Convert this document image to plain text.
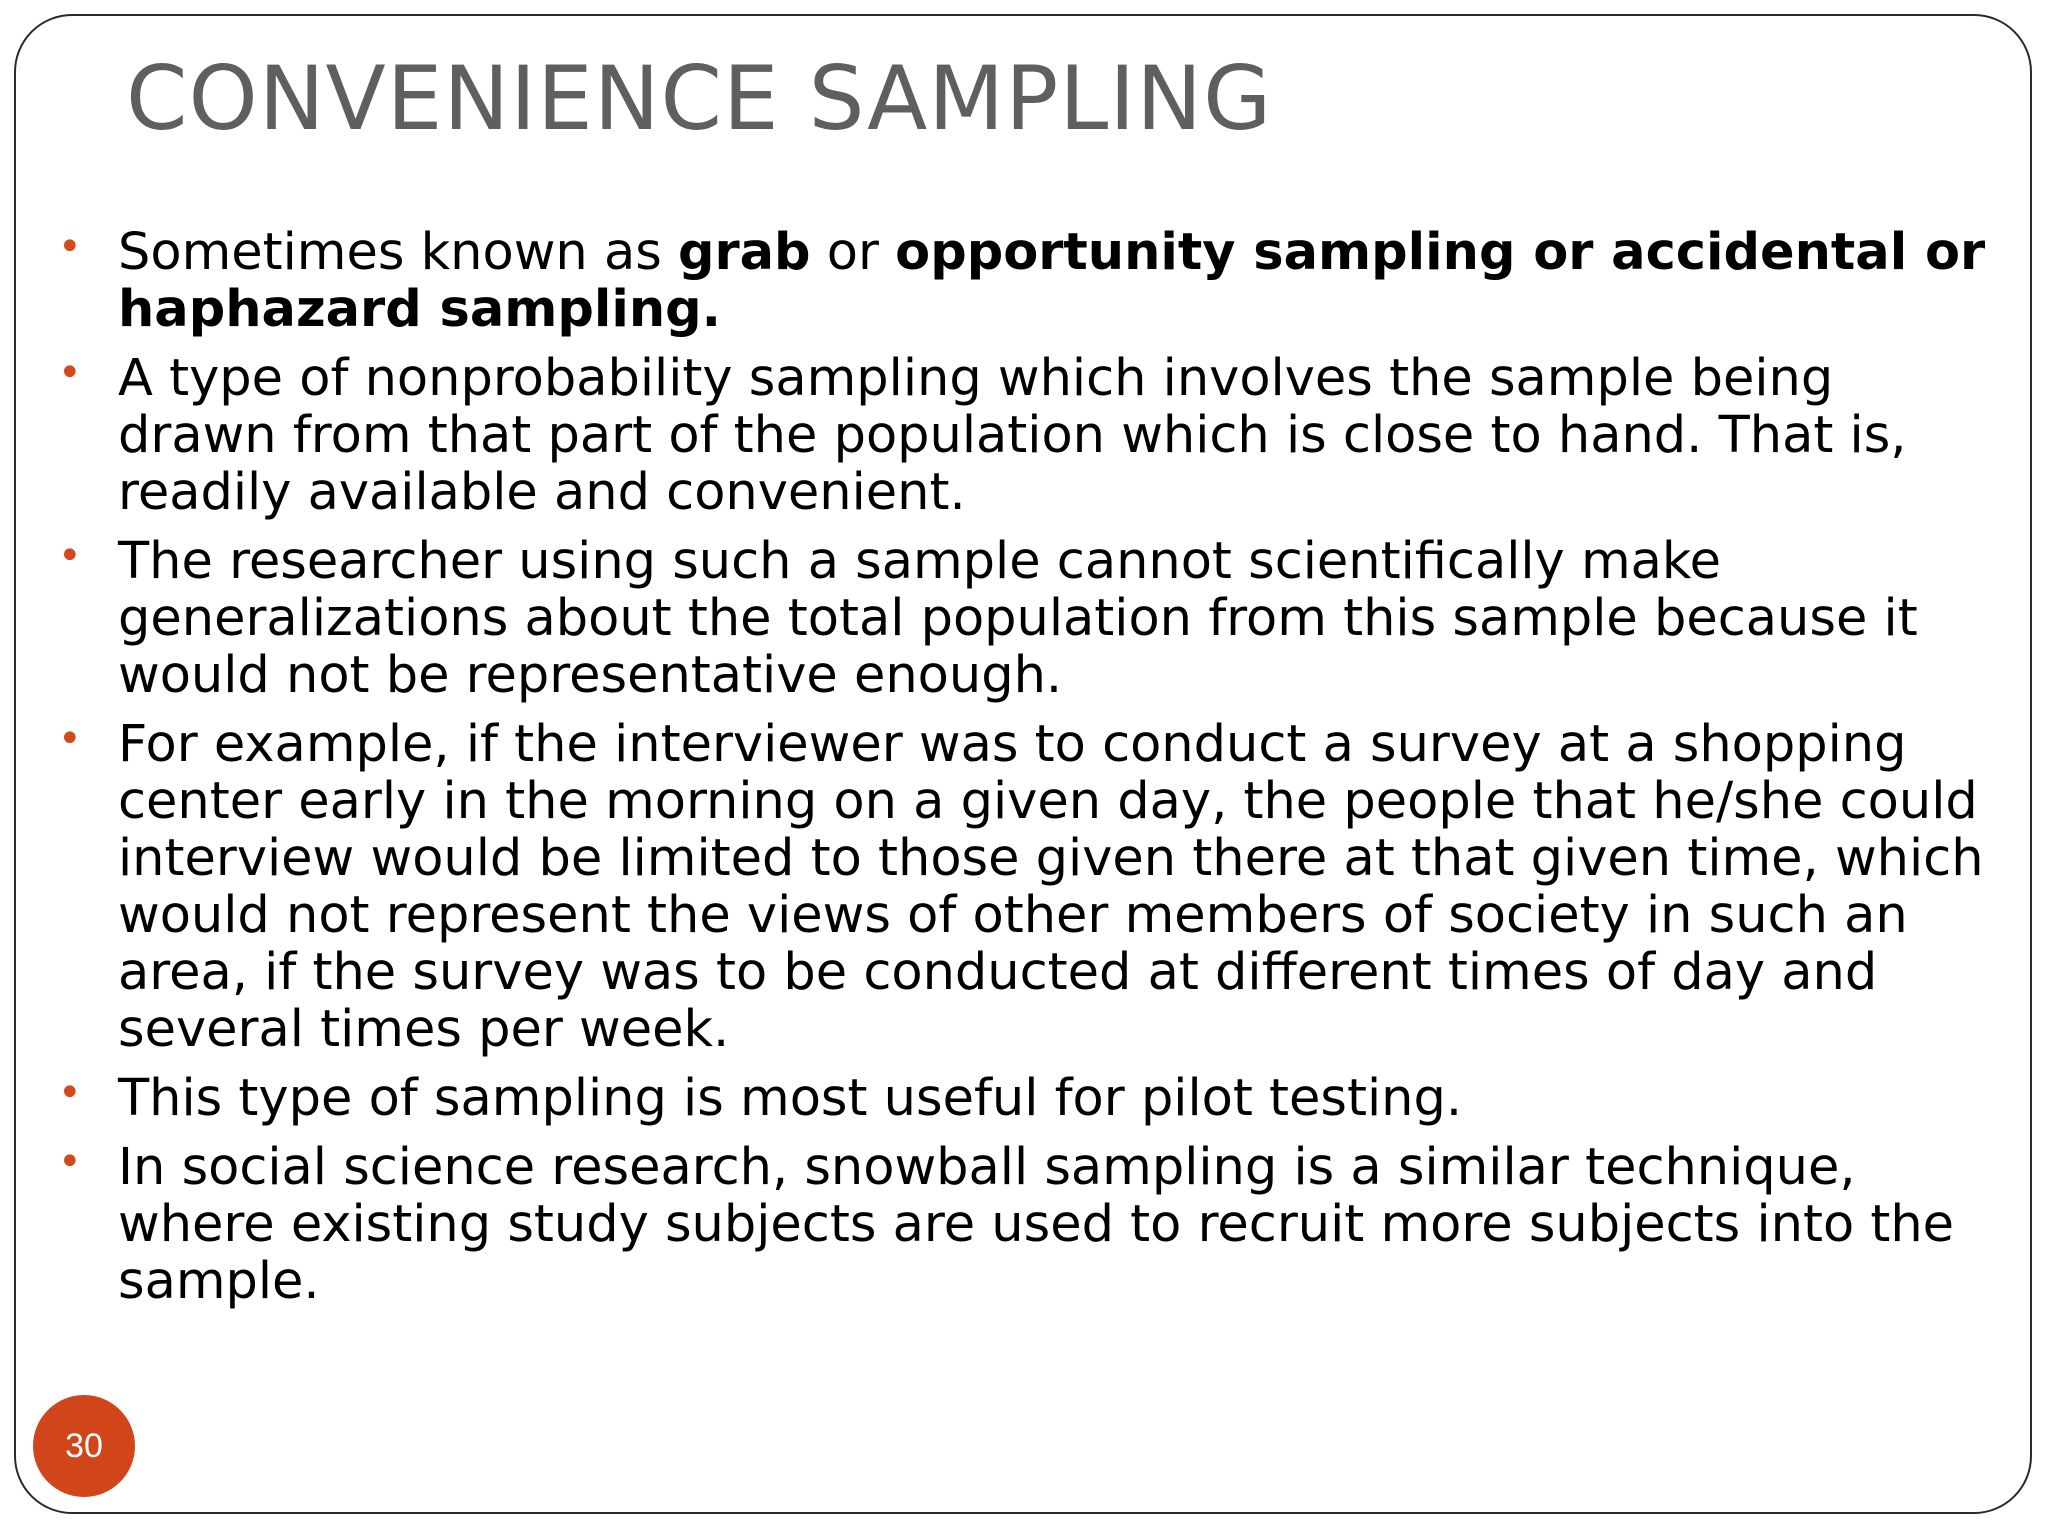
CONVENIENCE SAMPLING
• Sometimes known as grab or opportunity sampling or accidental or haphazard sampling.
• A type of nonprobability sampling which involves the sample being drawn from that part of the population which is close to hand. That is, readily available and convenient.
• The researcher using such a sample cannot scientifically make generalizations about the total population from this sample because it would not be representative enough.
• For example, if the interviewer was to conduct a survey at a shopping center early in the morning on a given day, the people that he/she could interview would be limited to those given there at that given time, which would not represent the views of other members of society in such an area, if the survey was to be conducted at different times of day and several times per week.
• This type of sampling is most useful for pilot testing.
• In social science research, snowball sampling is a similar technique, where existing study subjects are used to recruit more subjects into the sample.
30
